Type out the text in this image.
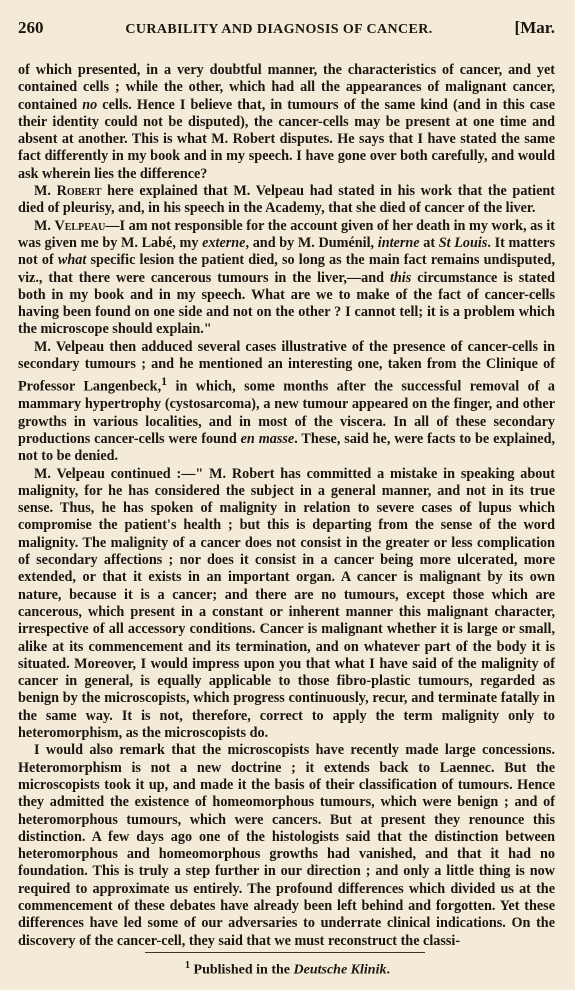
260	CURABILITY AND DIAGNOSIS OF CANCER.	[Mar.

of which presented, in a very doubtful manner, the characteristics of cancer, and yet contained cells ; while the other, which had all the appearances of malignant cancer, contained no cells. Hence I believe that, in tumours of the same kind (and in this case their identity could not be disputed), the cancer-cells may be present at one time and absent at another. This is what M. Robert disputes. He says that I have stated the same fact differently in my book and in my speech. I have gone over both carefully, and would ask wherein lies the difference?

M. Robert here explained that M. Velpeau had stated in his work that the patient died of pleurisy, and, in his speech in the Academy, that she died of cancer of the liver.

M. Velpeau—I am not responsible for the account given of her death in my work, as it was given me by M. Labé, my externe, and by M. Duménil, interne at St Louis. It matters not of what specific lesion the patient died, so long as the main fact remains undisputed, viz., that there were cancerous tumours in the liver,—and this circumstance is stated both in my book and in my speech. What are we to make of the fact of cancer-cells having been found on one side and not on the other ? I cannot tell; it is a problem which the microscope should explain."

M. Velpeau then adduced several cases illustrative of the presence of cancer-cells in secondary tumours ; and he mentioned an interesting one, taken from the Clinique of Professor Langenbeck,$^1$ in which, some months after the successful removal of a mammary hypertrophy (cystosarcoma), a new tumour appeared on the finger, and other growths in various localities, and in most of the viscera. In all of these secondary productions cancer-cells were found en masse. These, said he, were facts to be explained, not to be denied.

M. Velpeau continued :—" M. Robert has committed a mistake in speaking about malignity, for he has considered the subject in a general manner, and not in its true sense. Thus, he has spoken of malignity in relation to severe cases of lupus which compromise the patient's health ; but this is departing from the sense of the word malignity. The malignity of a cancer does not consist in the greater or less complication of secondary affections ; nor does it consist in a cancer being more ulcerated, more extended, or that it exists in an important organ. A cancer is malignant by its own nature, because it is a cancer; and there are no tumours, except those which are cancerous, which present in a constant or inherent manner this malignant character, irrespective of all accessory conditions. Cancer is malignant whether it is large or small, alike at its commencement and its termination, and on whatever part of the body it is situated. Moreover, I would impress upon you that what I have said of the malignity of cancer in general, is equally applicable to those fibro-plastic tumours, regarded as benign by the microscopists, which progress continuously, recur, and terminate fatally in the same way. It is not, therefore, correct to apply the term malignity only to heteromorphism, as the microscopists do.

I would also remark that the microscopists have recently made large concessions. Heteromorphism is not a new doctrine ; it extends back to Laennec. But the microscopists took it up, and made it the basis of their classification of tumours. Hence they admitted the existence of homeomorphous tumours, which were benign ; and of heteromorphous tumours, which were cancers. But at present they renounce this distinction. A few days ago one of the histologists said that the distinction between heteromorphous and homeomorphous growths had vanished, and that it had no foundation. This is truly a step further in our direction ; and only a little thing is now required to approximate us entirely. The profound differences which divided us at the commencement of these debates have already been left behind and forgotten. Yet these differences have led some of our adversaries to underrate clinical indications. On the discovery of the cancer-cell, they said that we must reconstruct the classi-

$^1$ Published in the Deutsche Klinik.
